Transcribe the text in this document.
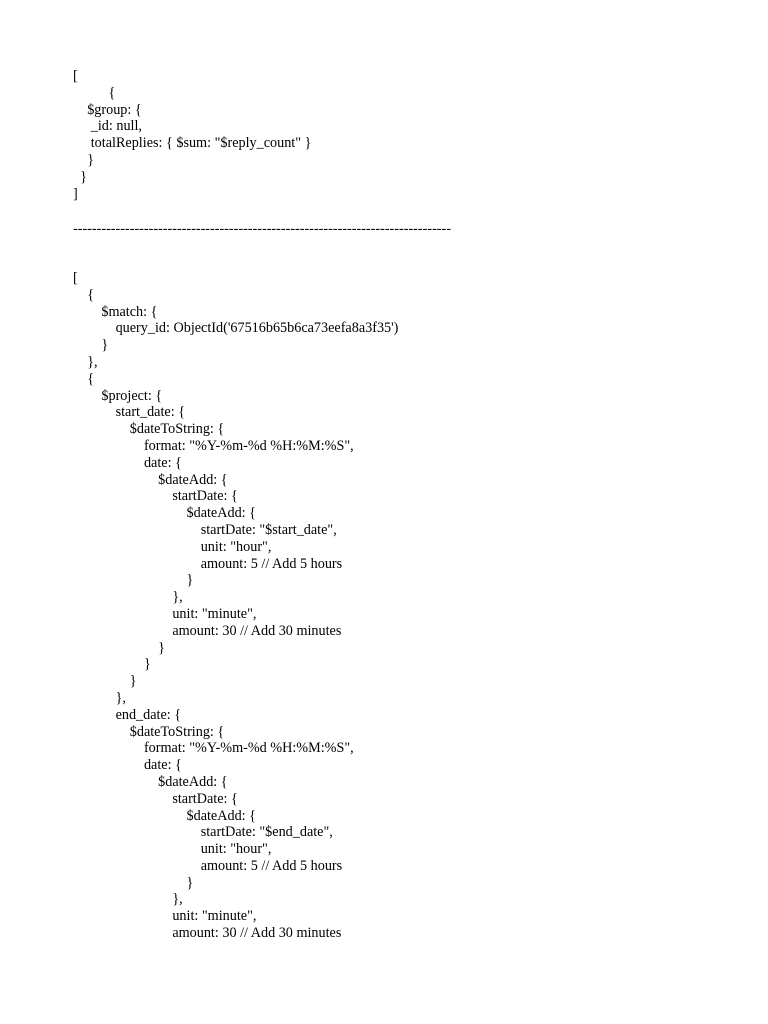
[
{
$group: {
_id: null,
totalReplies: { $sum: "$reply_count" }
}
}
]
--------------------------------------------------------------------------------
[
{
$match: {
query_id: ObjectId('67516b65b6ca73eefa8a3f35')
}
},
{
$project: {
start_date: {
$dateToString: {
format: "%Y-%m-%d %H:%M:%S",
date: {
$dateAdd: {
startDate: {
$dateAdd: {
startDate: "$start_date",
unit: "hour",
amount: 5 // Add 5 hours
}
},
unit: "minute",
amount: 30 // Add 30 minutes
}
}
}
},
end_date: {
$dateToString: {
format: "%Y-%m-%d %H:%M:%S",
date: {
$dateAdd: {
startDate: {
$dateAdd: {
startDate: "$end_date",
unit: "hour",
amount: 5 // Add 5 hours
}
},
unit: "minute",
amount: 30 // Add 30 minutes
